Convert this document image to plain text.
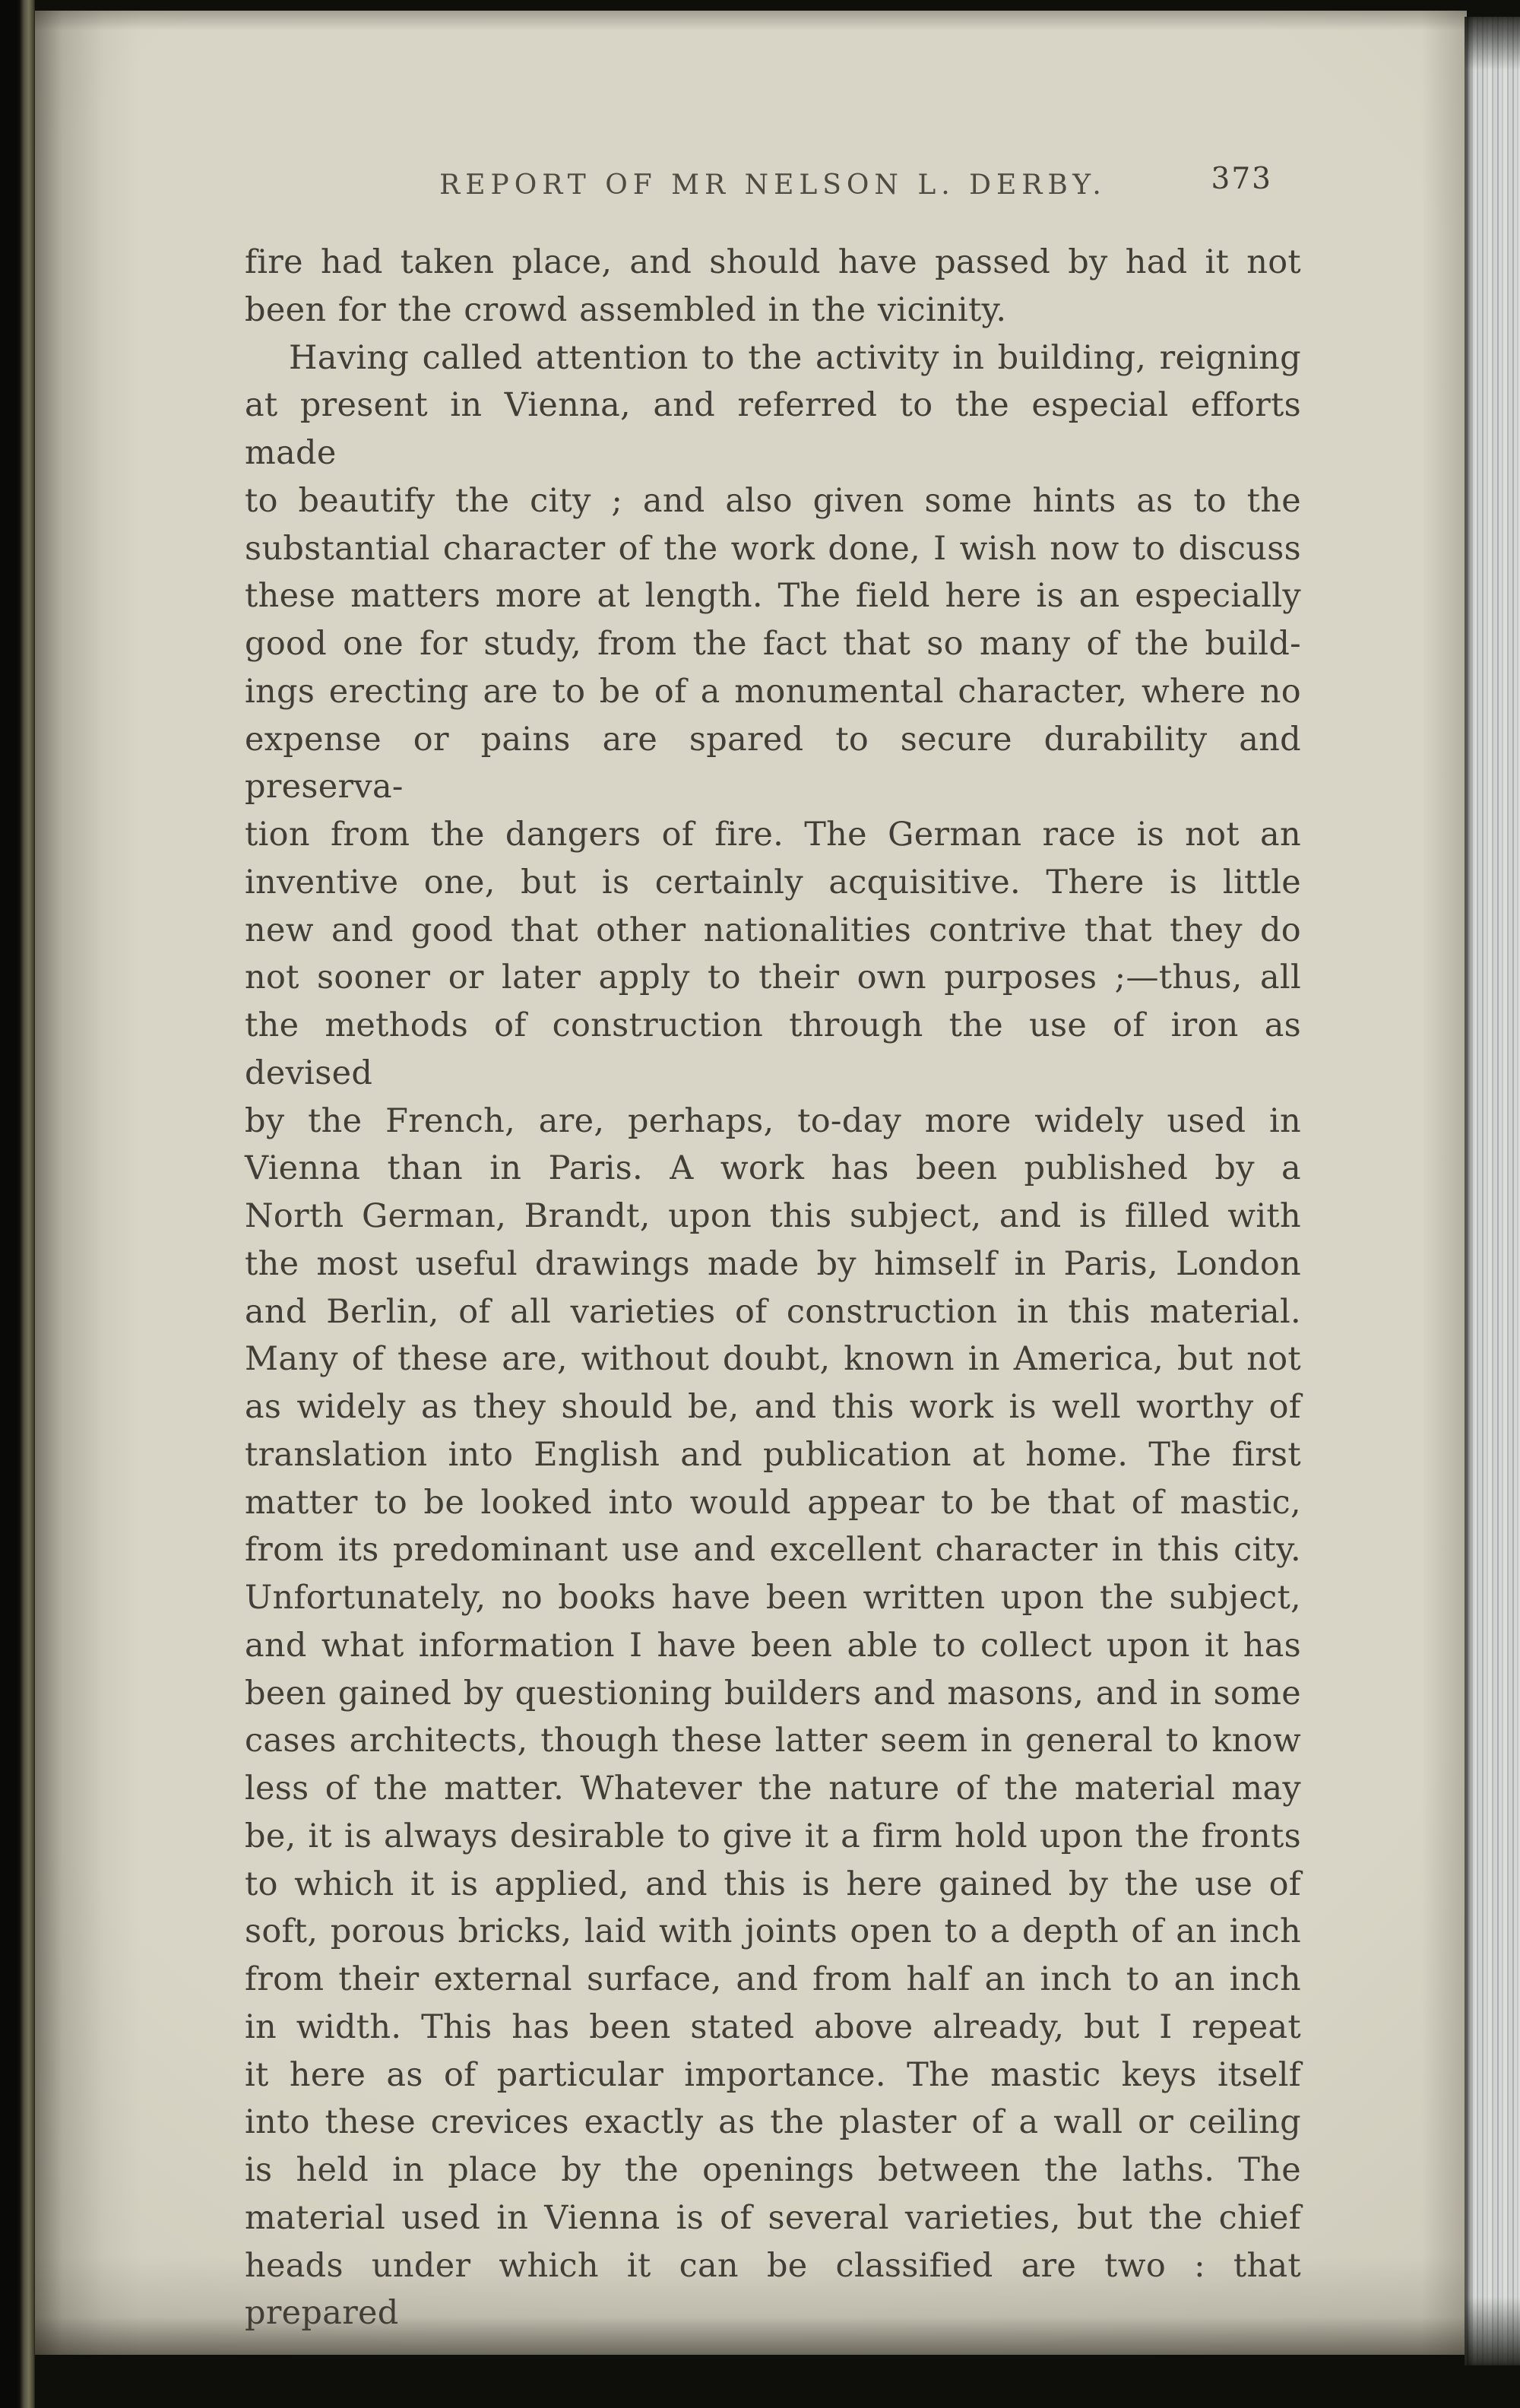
REPORT OF MR NELSON L. DERBY.	373
fire had taken place, and should have passed by had it not
been for the crowd assembled in the vicinity.
Having called attention to the activity in building, reigning
at present in Vienna, and referred to the especial efforts made
to beautify the city ; and also given some hints as to the
substantial character of the work done, I wish now to discuss
these matters more at length. The field here is an especially
good one for study, from the fact that so many of the build-
ings erecting are to be of a monumental character, where no
expense or pains are spared to secure durability and preserva-
tion from the dangers of fire. The German race is not an
inventive one, but is certainly acquisitive. There is little
new and good that other nationalities contrive that they do
not sooner or later apply to their own purposes ;—thus, all
the methods of construction through the use of iron as devised
by the French, are, perhaps, to-day more widely used in
Vienna than in Paris. A work has been published by a
North German, Brandt, upon this subject, and is filled with
the most useful drawings made by himself in Paris, London
and Berlin, of all varieties of construction in this material.
Many of these are, without doubt, known in America, but not
as widely as they should be, and this work is well worthy of
translation into English and publication at home. The first
matter to be looked into would appear to be that of mastic,
from its predominant use and excellent character in this city.
Unfortunately, no books have been written upon the subject,
and what information I have been able to collect upon it has
been gained by questioning builders and masons, and in some
cases architects, though these latter seem in general to know
less of the matter. Whatever the nature of the material may
be, it is always desirable to give it a firm hold upon the fronts
to which it is applied, and this is here gained by the use of
soft, porous bricks, laid with joints open to a depth of an inch
from their external surface, and from half an inch to an inch
in width. This has been stated above already, but I repeat
it here as of particular importance. The mastic keys itself
into these crevices exactly as the plaster of a wall or ceiling
is held in place by the openings between the laths. The
material used in Vienna is of several varieties, but the chief
heads under which it can be classified are two : that prepared
